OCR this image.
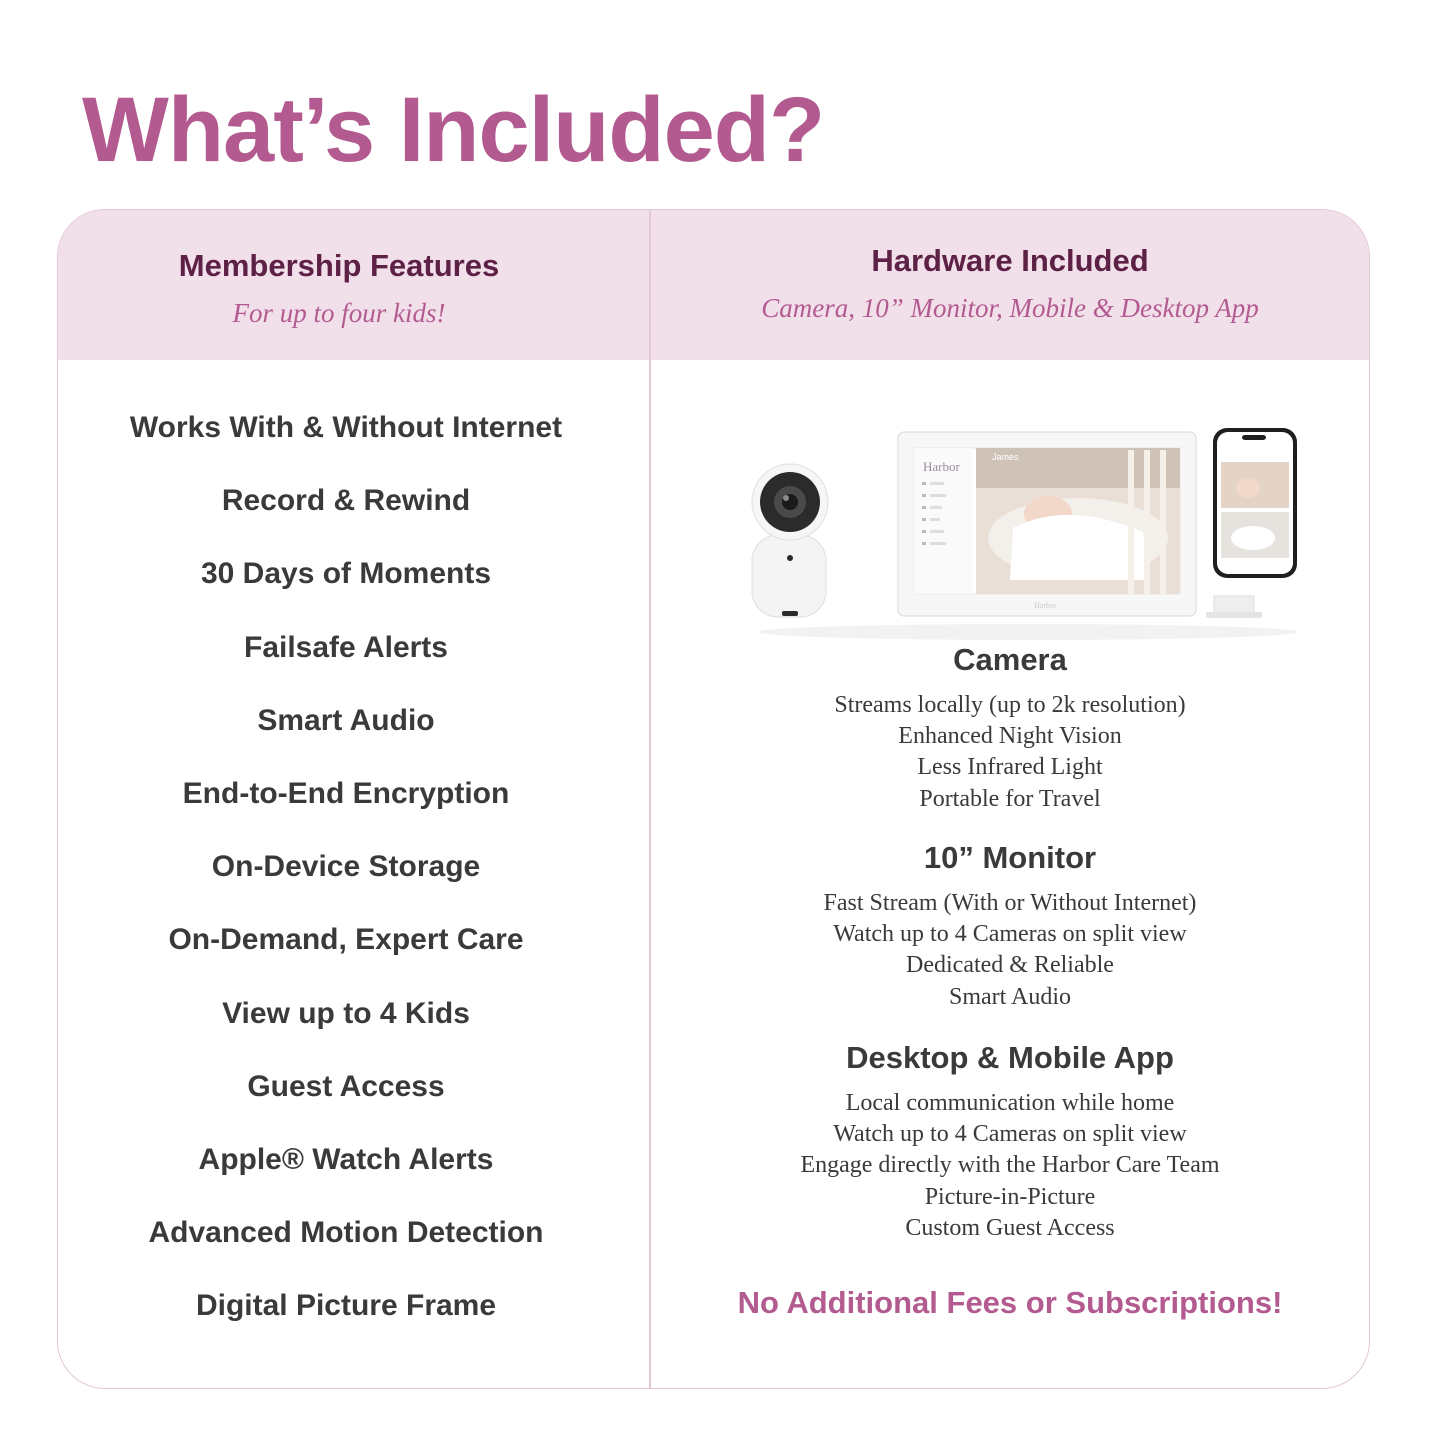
What’s Included?
Membership Features
For up to four kids!
Hardware Included
Camera, 10” Monitor, Mobile & Desktop App
Works With & Without Internet
Record & Rewind
30 Days of Moments
Failsafe Alerts
Smart Audio
End-to-End Encryption
On-Device Storage
On-Demand, Expert Care
View up to 4 Kids
Guest Access
Apple® Watch Alerts
Advanced Motion Detection
Digital Picture Frame
Harbor
James
Harbor
Camera
Streams locally (up to 2k resolution)
Enhanced Night Vision
Less Infrared Light
Portable for Travel
10” Monitor
Fast Stream (With or Without Internet)
Watch up to 4 Cameras on split view
Dedicated & Reliable
Smart Audio
Desktop & Mobile App
Local communication while home
Watch up to 4 Cameras on split view
Engage directly with the Harbor Care Team
Picture-in-Picture
Custom Guest Access
No Additional Fees or Subscriptions!
